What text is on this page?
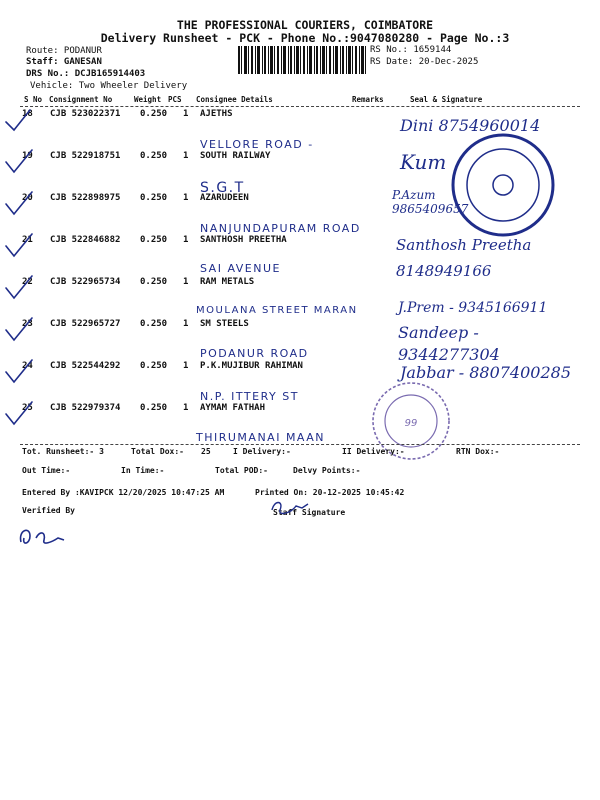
THE PROFESSIONAL COURIERS, COIMBATORE
Delivery Runsheet - PCK - Phone No.:9047080280 - Page No.:3
Route: PODANUR
Staff: GANESAN
DRS No.: DCJB165914403
Vehicle: Two Wheeler Delivery
RS No.: 1659144
RS Date: 20-Dec-2025
S No Consignment No	Weight PCS Consignee Details	Remarks	Seal & Signature
18 CJB 523022371 0.250 1 AJETHS
VELLORE ROAD -
Dini 8754960014
19 CJB 522918751 0.250 1 SOUTH RAILWAY
S.G.T
Kum
20 CJB 522898975 0.250 1 AZARUDEEN
NANJUNDAPURAM ROAD
P.Azum 9865409657
21 CJB 522846882 0.250 1 SANTHOSH PREETHA
SAI AVENUE
Santhosh Preetha 8148949166
22 CJB 522965734 0.250 1 RAM METALS
MOULANA STREET MARAN	J.Prem - 9345166911
23 CJB 522965727 0.250 1 SM STEELS
PODANUR ROAD
Sandeep - 9344277304
24 CJB 522544292 0.250 1 P.K.MUJIBUR RAHIMAN
N.P. ITTERY ST
Jabbar - 8807400285
25 CJB 522979374 0.250 1 AYMAM FATHAH
THIRUMANAI MAAN
99
Tot. Runsheet:- 3	Total Dox:- 25	I Delivery:-	II Delivery:-	RTN Dox:-
Out Time:-	In Time:-	Total POD:-	Delvy Points:-
Entered By :KAVIPCK 12/20/2025 10:47:25 AM	Printed On: 20-12-2025 10:45:42
Verified By	Staff Signature
